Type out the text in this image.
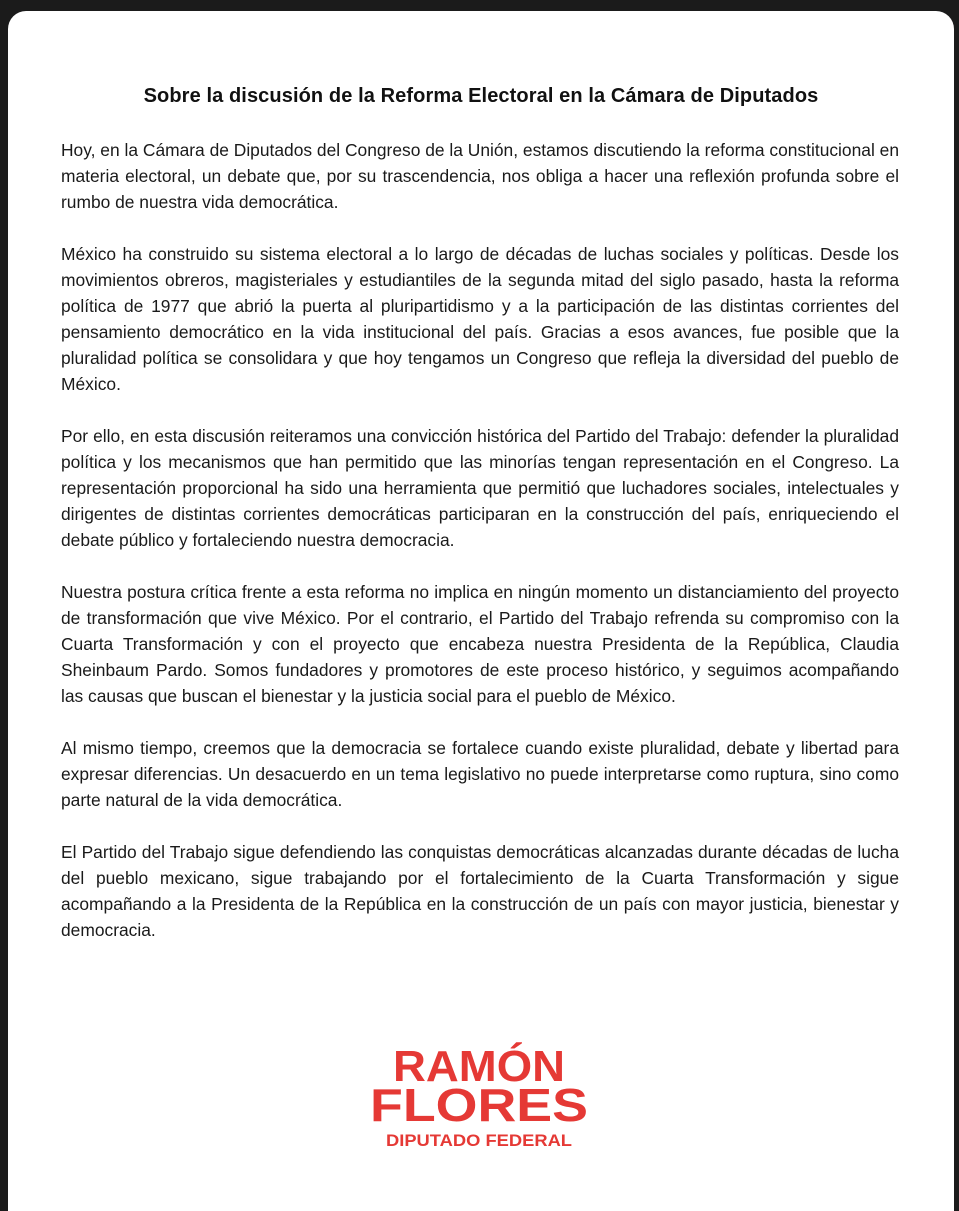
Sobre la discusión de la Reforma Electoral en la Cámara de Diputados

Hoy, en la Cámara de Diputados del Congreso de la Unión, estamos discutiendo la reforma constitucional en materia electoral, un debate que, por su trascendencia, nos obliga a hacer una reflexión profunda sobre el rumbo de nuestra vida democrática.

México ha construido su sistema electoral a lo largo de décadas de luchas sociales y políticas. Desde los movimientos obreros, magisteriales y estudiantiles de la segunda mitad del siglo pasado, hasta la reforma política de 1977 que abrió la puerta al pluripartidismo y a la participación de las distintas corrientes del pensamiento democrático en la vida institucional del país. Gracias a esos avances, fue posible que la pluralidad política se consolidara y que hoy tengamos un Congreso que refleja la diversidad del pueblo de México.

Por ello, en esta discusión reiteramos una convicción histórica del Partido del Trabajo: defender la pluralidad política y los mecanismos que han permitido que las minorías tengan representación en el Congreso. La representación proporcional ha sido una herramienta que permitió que luchadores sociales, intelectuales y dirigentes de distintas corrientes democráticas participaran en la construcción del país, enriqueciendo el debate público y fortaleciendo nuestra democracia.

Nuestra postura crítica frente a esta reforma no implica en ningún momento un distanciamiento del proyecto de transformación que vive México. Por el contrario, el Partido del Trabajo refrenda su compromiso con la Cuarta Transformación y con el proyecto que encabeza nuestra Presidenta de la República, Claudia Sheinbaum Pardo. Somos fundadores y promotores de este proceso histórico, y seguimos acompañando las causas que buscan el bienestar y la justicia social para el pueblo de México.

Al mismo tiempo, creemos que la democracia se fortalece cuando existe pluralidad, debate y libertad para expresar diferencias. Un desacuerdo en un tema legislativo no puede interpretarse como ruptura, sino como parte natural de la vida democrática.

El Partido del Trabajo sigue defendiendo las conquistas democráticas alcanzadas durante décadas de lucha del pueblo mexicano, sigue trabajando por el fortalecimiento de la Cuarta Transformación y sigue acompañando a la Presidenta de la República en la construcción de un país con mayor justicia, bienestar y democracia.

RAMÓN
FLORES
DIPUTADO FEDERAL
